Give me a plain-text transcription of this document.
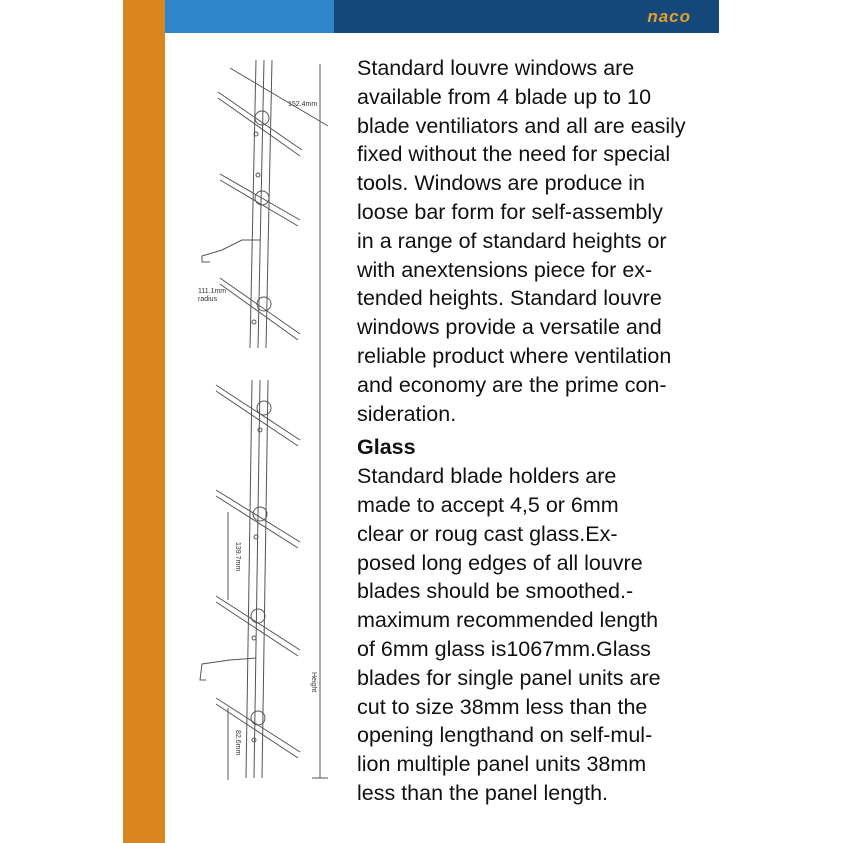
naco
152.4mm
111.1mm
radius
139.7mm
82.6mm
Height

Standard louvre windows are
available from 4 blade up to 10
blade ventiliators and all are easily
fixed without the need for special
tools. Windows are produce in
loose bar form for self-assembly
in a range of standard heights or
with anextensions piece for ex-
tended heights. Standard louvre
windows provide a versatile and
reliable product where ventilation
and economy are the prime con-
sideration.

Glass

Standard blade holders are
made to accept 4,5 or 6mm
clear or roug cast glass.Ex-
posed long edges of all louvre
blades should be smoothed.-
maximum recommended length
of 6mm glass is1067mm.Glass
blades for single panel units are
cut to size 38mm less than the
opening lengthand on self-mul-
lion multiple panel units 38mm
less than the panel length.
